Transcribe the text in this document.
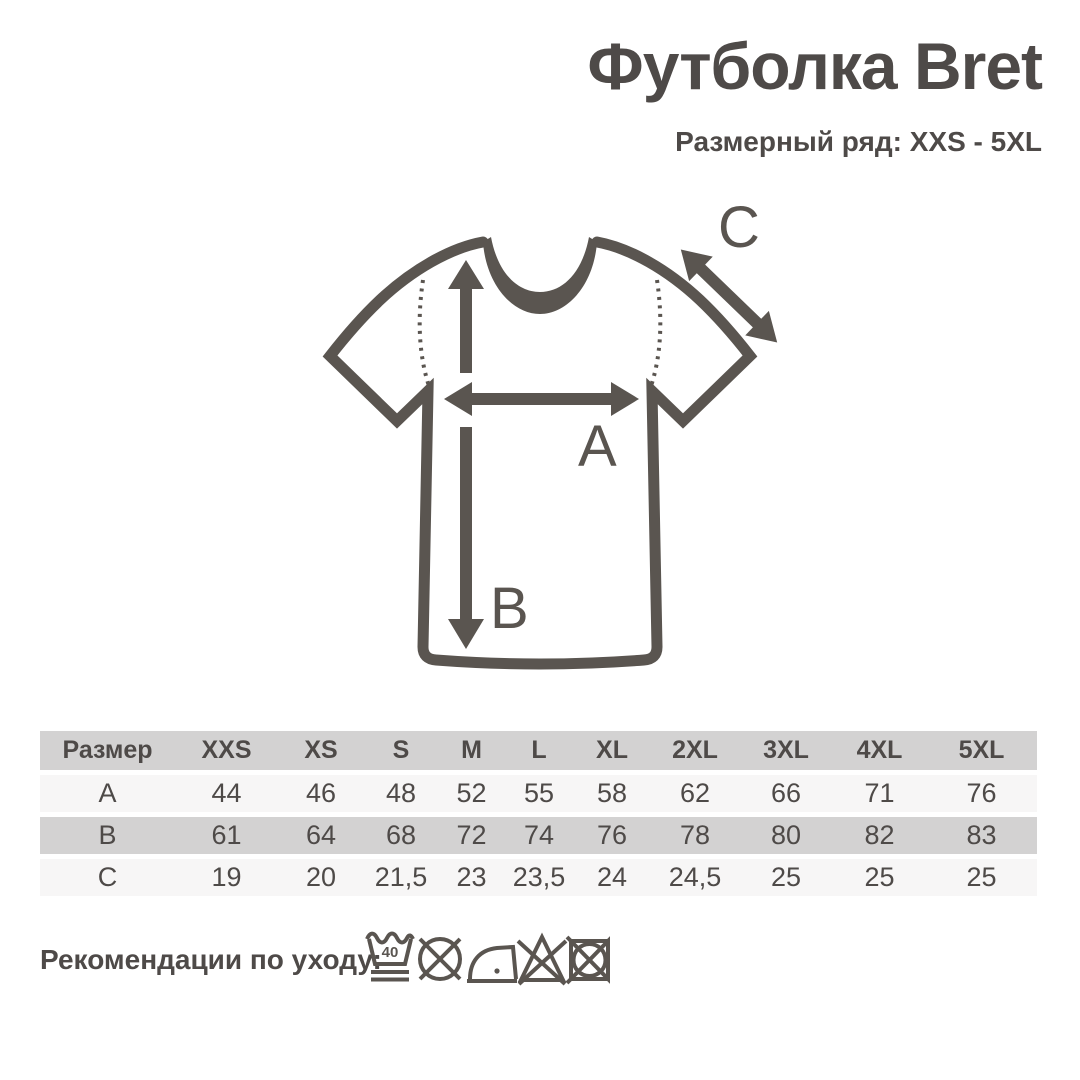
Футболка Bret
Размерный ряд: XXS - 5XL
A
B
C
Размер	XXS	XS	S	M	L	XL	2XL	3XL	4XL	5XL
A	44	46	48	52	55	58	62	66	71	76
B	61	64	68	72	74	76	78	80	82	83
C	19	20	21,5	23	23,5	24	24,5	25	25	25
Рекомендации по уходу: 40
